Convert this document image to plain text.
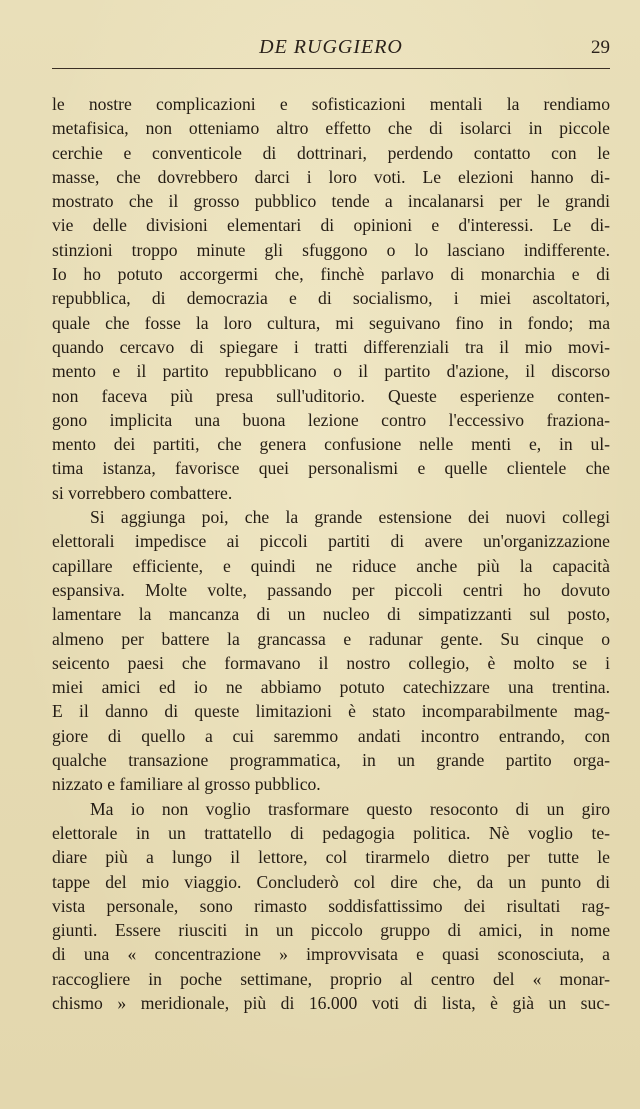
DE RUGGIERO	29

le nostre complicazioni e sofisticazioni mentali la rendiamo
metafisica, non otteniamo altro effetto che di isolarci in piccole
cerchie e conventicole di dottrinari, perdendo contatto con le
masse, che dovrebbero darci i loro voti. Le elezioni hanno di-
mostrato che il grosso pubblico tende a incalanarsi per le grandi
vie delle divisioni elementari di opinioni e d'interessi. Le di-
stinzioni troppo minute gli sfuggono o lo lasciano indifferente.
Io ho potuto accorgermi che, finchè parlavo di monarchia e di
repubblica, di democrazia e di socialismo, i miei ascoltatori,
quale che fosse la loro cultura, mi seguivano fino in fondo; ma
quando cercavo di spiegare i tratti differenziali tra il mio movi-
mento e il partito repubblicano o il partito d'azione, il discorso
non faceva più presa sull'uditorio. Queste esperienze conten-
gono implicita una buona lezione contro l'eccessivo fraziona-
mento dei partiti, che genera confusione nelle menti e, in ul-
tima istanza, favorisce quei personalismi e quelle clientele che
si vorrebbero combattere.

Si aggiunga poi, che la grande estensione dei nuovi collegi
elettorali impedisce ai piccoli partiti di avere un'organizzazione
capillare efficiente, e quindi ne riduce anche più la capacità
espansiva. Molte volte, passando per piccoli centri ho dovuto
lamentare la mancanza di un nucleo di simpatizzanti sul posto,
almeno per battere la grancassa e radunar gente. Su cinque o
seicento paesi che formavano il nostro collegio, è molto se i
miei amici ed io ne abbiamo potuto catechizzare una trentina.
E il danno di queste limitazioni è stato incomparabilmente mag-
giore di quello a cui saremmo andati incontro entrando, con
qualche transazione programmatica, in un grande partito orga-
nizzato e familiare al grosso pubblico.

Ma io non voglio trasformare questo resoconto di un giro
elettorale in un trattatello di pedagogia politica. Nè voglio te-
diare più a lungo il lettore, col tirarmelo dietro per tutte le
tappe del mio viaggio. Concluderò col dire che, da un punto di
vista personale, sono rimasto soddisfattissimo dei risultati rag-
giunti. Essere riusciti in un piccolo gruppo di amici, in nome
di una « concentrazione » improvvisata e quasi sconosciuta, a
raccogliere in poche settimane, proprio al centro del « monar-
chismo » meridionale, più di 16.000 voti di lista, è già un suc-
